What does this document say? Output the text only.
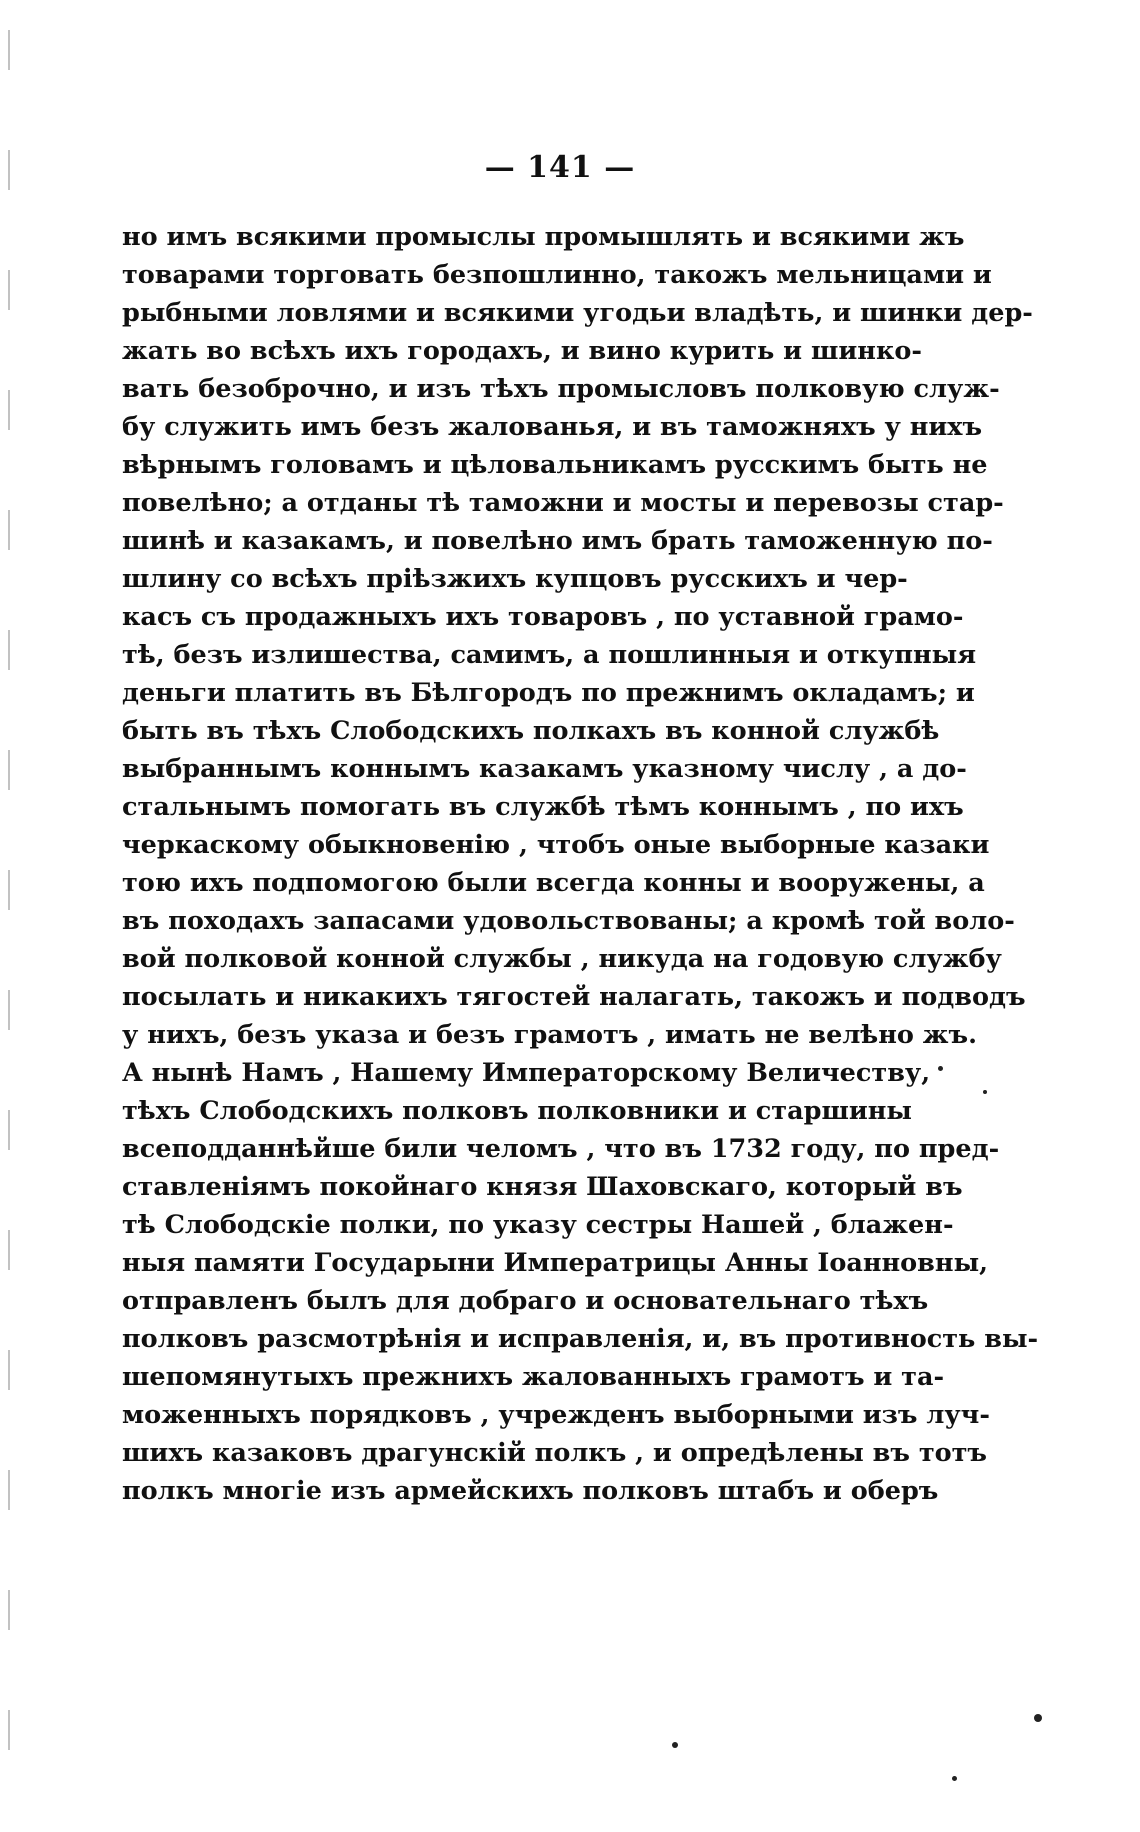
— 141 —
но имъ всякими промыслы промышлять и всякими жъ
товарами торговать безпошлинно, такожъ мельницами и
рыбными ловлями и всякими угодьи владѣть, и шинки дер-
жать во всѣхъ ихъ городахъ, и вино курить и шинко-
вать безоброчно, и изъ тѣхъ промысловъ полковую служ-
бу служить имъ безъ жалованья, и въ таможняхъ у нихъ
вѣрнымъ головамъ и цѣловальникамъ русскимъ быть не
повелѣно; а отданы тѣ таможни и мосты и перевозы стар-
шинѣ и казакамъ, и повелѣно имъ брать таможенную по-
шлину со всѣхъ пріѣзжихъ купцовъ русскихъ и чер-
касъ съ продажныхъ ихъ товаровъ , по уставной грамо-
тѣ, безъ излишества, самимъ, а пошлинныя и откупныя
деньги платить въ Бѣлгородъ по прежнимъ окладамъ; и
быть въ тѣхъ Слободскихъ полкахъ въ конной службѣ
выбраннымъ коннымъ казакамъ указному числу , а до-
стальнымъ помогать въ службѣ тѣмъ коннымъ , по ихъ
черкаскому обыкновенію , чтобъ оные выборные казаки
тою ихъ подпомогою были всегда конны и вооружены, а
въ походахъ запасами удовольствованы; а кромѣ той воло-
вой полковой конной службы , никуда на годовую службу
посылать и никакихъ тягостей налагать, такожъ и подводъ
у нихъ, безъ указа и безъ грамотъ , имать не велѣно жъ.
А нынѣ Намъ , Нашему Императорскому Величеству,
тѣхъ Слободскихъ полковъ полковники и старшины
всеподданнѣйше били челомъ , что въ 1732 году, по пред-
ставленіямъ покойнаго князя Шаховскаго, который въ
тѣ Слободскіе полки, по указу сестры Нашей , блажен-
ныя памяти Государыни Императрицы Анны Іоанновны,
отправленъ былъ для добраго и основательнаго тѣхъ
полковъ разсмотрѣнія и исправленія, и, въ противность вы-
шепомянутыхъ прежнихъ жалованныхъ грамотъ и та-
моженныхъ порядковъ , учрежденъ выборными изъ луч-
шихъ казаковъ драгунскій полкъ , и опредѣлены въ тотъ
полкъ многіе изъ армейскихъ полковъ штабъ и оберъ
